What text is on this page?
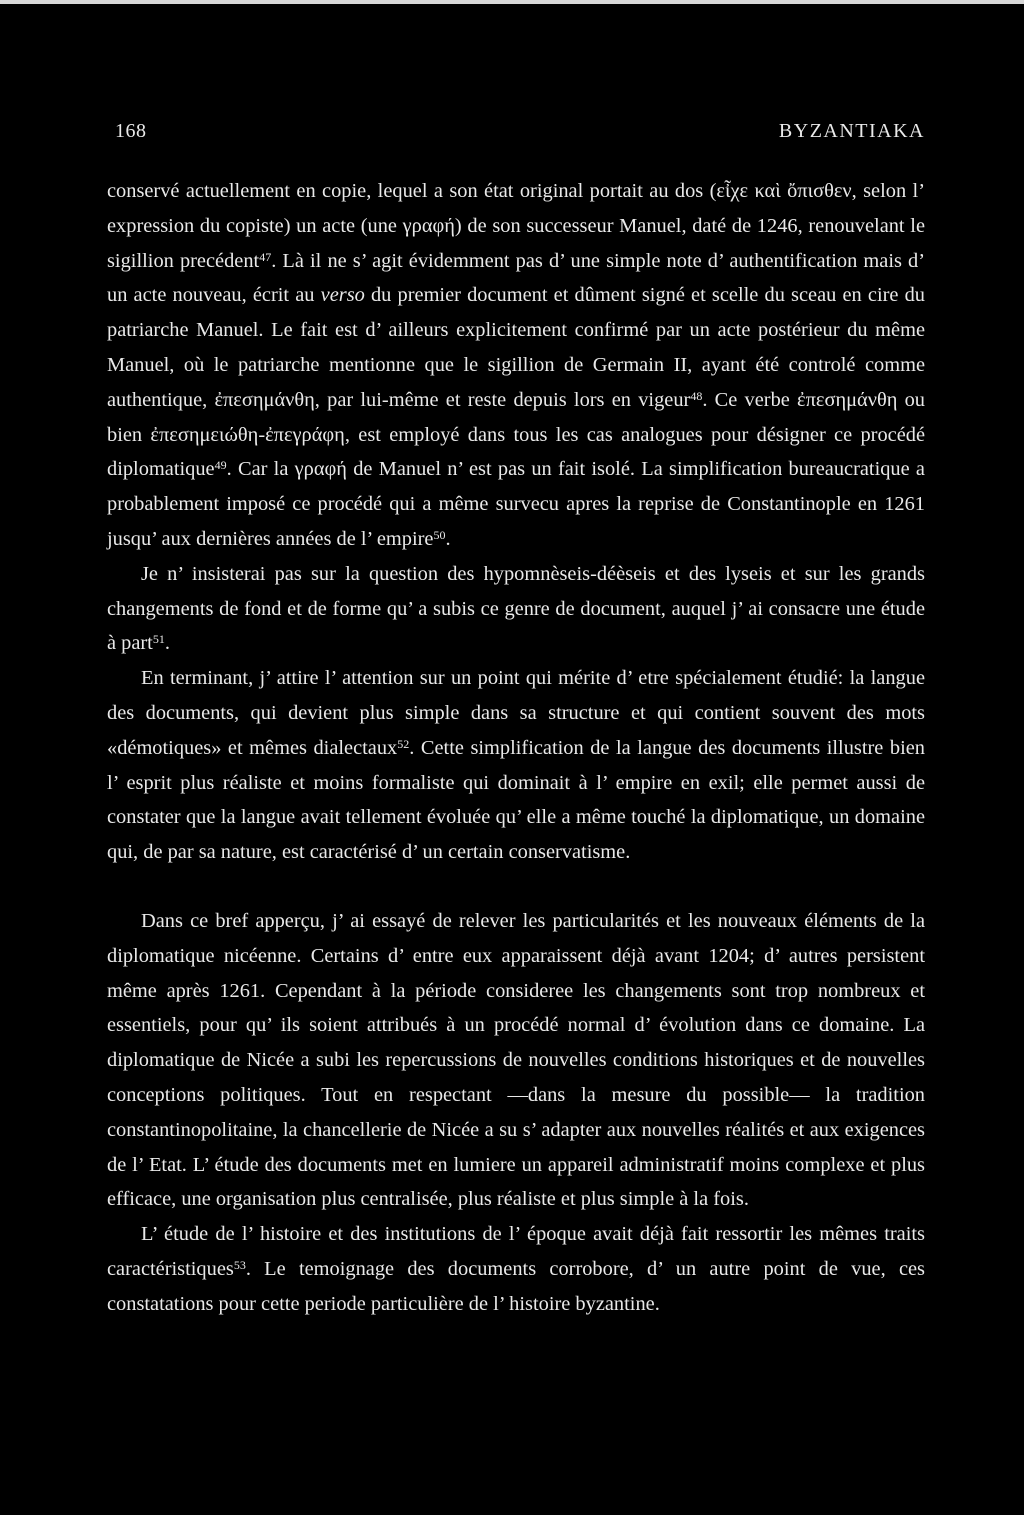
168	BYZANTIAKA

conservé actuellement en copie, lequel a son état original portait au dos (εἶχε καὶ ὄπισθεν, selon l’ expression du copiste) un acte (une γραφή) de son successeur Manuel, daté de 1246, renouvelant le sigillion precédent$^{47}$. Là il ne s’ agit évidemment pas d’ une simple note d’ authentification mais d’ un acte nouveau, écrit au verso du premier document et dûment signé et scelle du sceau en cire du patriarche Manuel. Le fait est d’ ailleurs explicitement confirmé par un acte postérieur du même Manuel, où le patriarche mentionne que le sigillion de Germain II, ayant été controlé comme authentique, ἐπεσημάνθη, par lui-même et reste depuis lors en vigeur$^{48}$. Ce verbe ἐπεσημάνθη ou bien ἐπεσημειώθη-ἐπεγράφη, est employé dans tous les cas analogues pour désigner ce procédé diplomatique$^{49}$. Car la γραφή de Manuel n’ est pas un fait isolé. La simplification bureaucratique a probablement imposé ce procédé qui a même survecu apres la reprise de Constantinople en 1261 jusqu’ aux dernières années de l’ empire$^{50}$.

Je n’ insisterai pas sur la question des hypomnèseis-déèseis et des lyseis et sur les grands changements de fond et de forme qu’ a subis ce genre de document, auquel j’ ai consacre une étude à part$^{51}$.

En terminant, j’ attire l’ attention sur un point qui mérite d’ etre spécialement étudié: la langue des documents, qui devient plus simple dans sa structure et qui contient souvent des mots «démotiques» et mêmes dialectaux$^{52}$. Cette simplification de la langue des documents illustre bien l’ esprit plus réaliste et moins formaliste qui dominait à l’ empire en exil; elle permet aussi de constater que la langue avait tellement évoluée qu’ elle a même touché la diplomatique, un domaine qui, de par sa nature, est caractérisé d’ un certain conservatisme.

Dans ce bref apperçu, j’ ai essayé de relever les particularités et les nouveaux éléments de la diplomatique nicéenne. Certains d’ entre eux apparaissent déjà avant 1204; d’ autres persistent même après 1261. Cependant à la période consideree les changements sont trop nombreux et essentiels, pour qu’ ils soient attribués à un procédé normal d’ évolution dans ce domaine. La diplomatique de Nicée a subi les repercussions de nouvelles conditions historiques et de nouvelles conceptions politiques. Tout en respectant —dans la mesure du possible— la tradition constantinopolitaine, la chancellerie de Nicée a su s’ adapter aux nouvelles réalités et aux exigences de l’ Etat. L’ étude des documents met en lumiere un appareil administratif moins complexe et plus efficace, une organisation plus centralisée, plus réaliste et plus simple à la fois.

L’ étude de l’ histoire et des institutions de l’ époque avait déjà fait ressortir les mêmes traits caractéristiques$^{53}$. Le temoignage des documents corrobore, d’ un autre point de vue, ces constatations pour cette periode particulière de l’ histoire byzantine.
